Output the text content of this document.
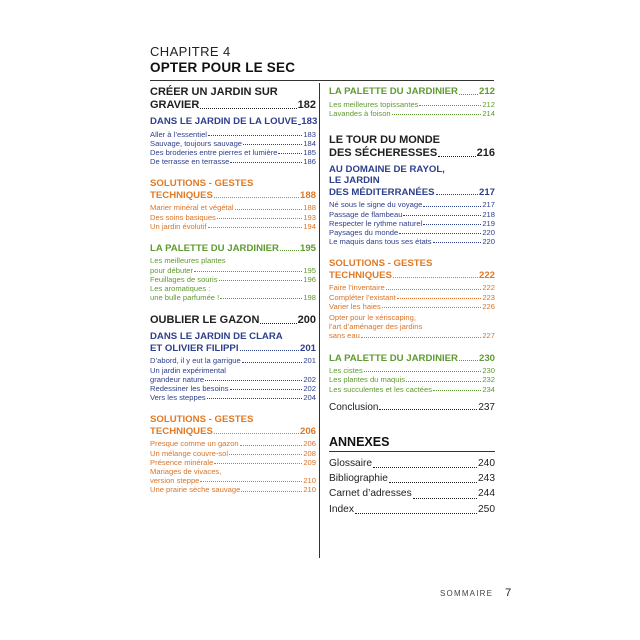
CHAPITRE 4
OPTER POUR LE SEC
CRÉER UN JARDIN SUR
GRAVIER	182
DANS LE JARDIN DE LA LOUVE 183
Aller à l’essentiel	183
Sauvage, toujours sauvage	184
Des broderies entre pierres et lumière	185
De terrasse en terrasse	186
SOLUTIONS - GESTES
TECHNIQUES	188
Marier minéral et végétal	188
Des soins basiques	193
Un jardin évolutif	194
LA PALETTE DU JARDINIER 195
Les meilleures plantes
pour débuter	195
Feuillages de souris	196
Les aromatiques :
une bulle parfumée !	198
OUBLIER LE GAZON	200
DANS LE JARDIN DE CLARA
ET OLIVIER FILIPPI	201
D’abord, il y eut la garrigue	201
Un jardin expérimental
grandeur nature	202
Redessiner les besoins	202
Vers les steppes	204
SOLUTIONS - GESTES
TECHNIQUES	206
Presque comme un gazon	206
Un mélange couvre-sol	208
Présence minérale	209
Mariages de vivaces,
version steppe	210
Une prairie sèche sauvage	210
LA PALETTE DU JARDINIER 212
Les meilleures topissantes	212
Lavandes à foison	214
LE TOUR DU MONDE
DES SÉCHERESSES	216
AU DOMAINE DE RAYOL,
LE JARDIN
DES MÉDITERRANÉES	217
Né sous le signe du voyage	217
Passage de flambeau	218
Respecter le rythme naturel	219
Paysages du monde	220
Le maquis dans tous ses états	220
SOLUTIONS - GESTES
TECHNIQUES	222
Faire l’inventaire	222
Compléter l’existant	223
Varier les haies	226
Opter pour le xériscaping,
l’art d’aménager des jardins
sans eau	227
LA PALETTE DU JARDINIER 230
Les cistes	230
Les plantes du maquis	232
Les succulentes et les cactées	234
Conclusion	237
ANNEXES
Glossaire	240
Bibliographie	243
Carnet d’adresses	244
Index	250
SOMMAIRE 7
